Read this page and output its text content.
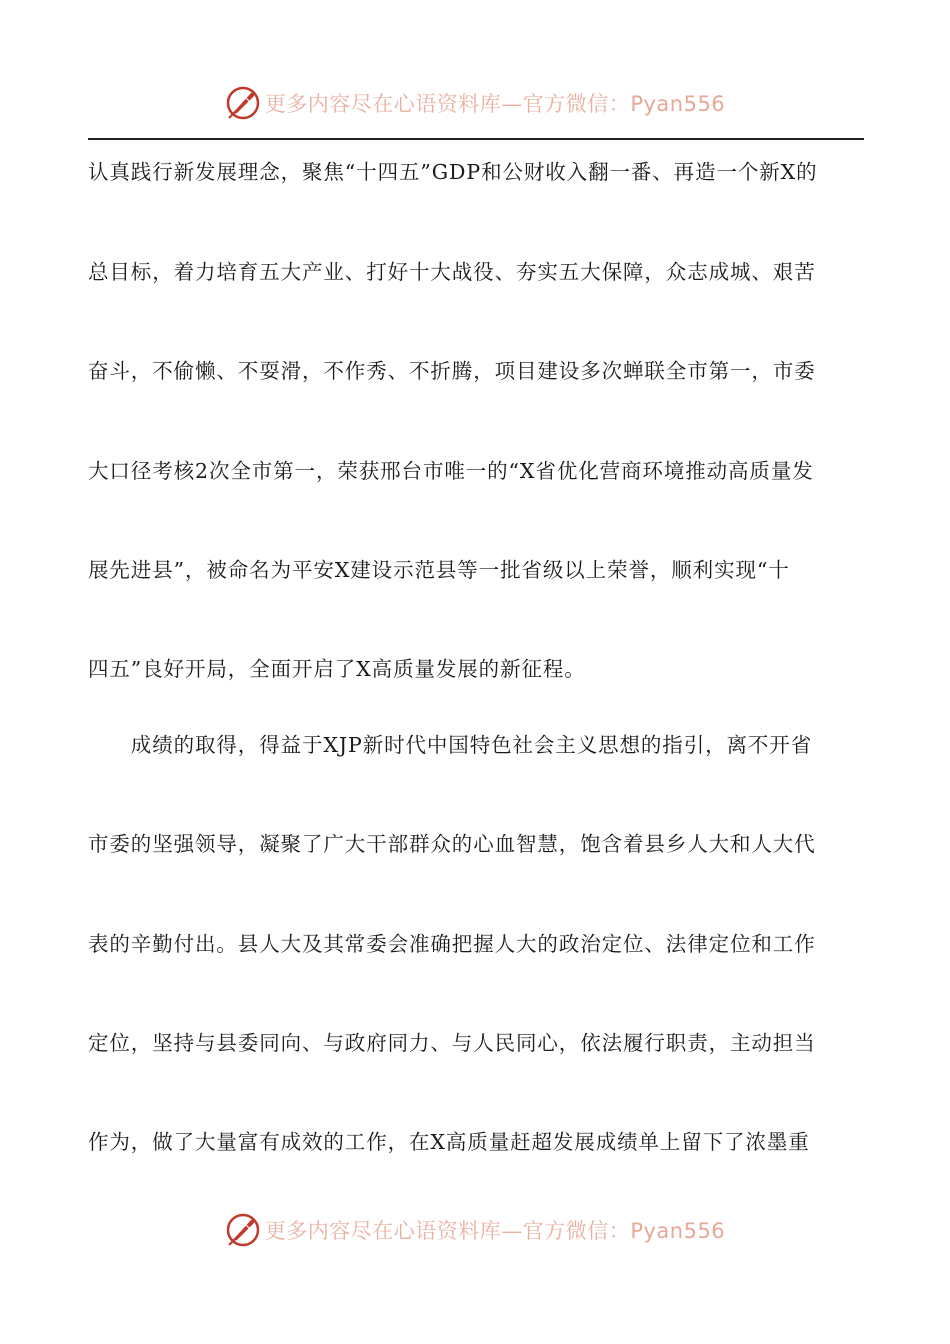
更多内容尽在心语资料库—官方微信：Pyan556
认真践行新发展理念，聚焦“十四五”GDP和公财收入翻一番、再造一个新X的
总目标，着力培育五大产业、打好十大战役、夯实五大保障，众志成城、艰苦
奋斗，不偷懒、不耍滑，不作秀、不折腾，项目建设多次蝉联全市第一，市委
大口径考核2次全市第一，荣获邢台市唯一的“X省优化营商环境推动高质量发
展先进县”，被命名为平安X建设示范县等一批省级以上荣誉，顺利实现“十
四五”良好开局，全面开启了X高质量发展的新征程。
　　成绩的取得，得益于XJP新时代中国特色社会主义思想的指引，离不开省
市委的坚强领导，凝聚了广大干部群众的心血智慧，饱含着县乡人大和人大代
表的辛勤付出。县人大及其常委会准确把握人大的政治定位、法律定位和工作
定位，坚持与县委同向、与政府同力、与人民同心，依法履行职责，主动担当
作为，做了大量富有成效的工作，在X高质量赶超发展成绩单上留下了浓墨重
更多内容尽在心语资料库—官方微信：Pyan556
